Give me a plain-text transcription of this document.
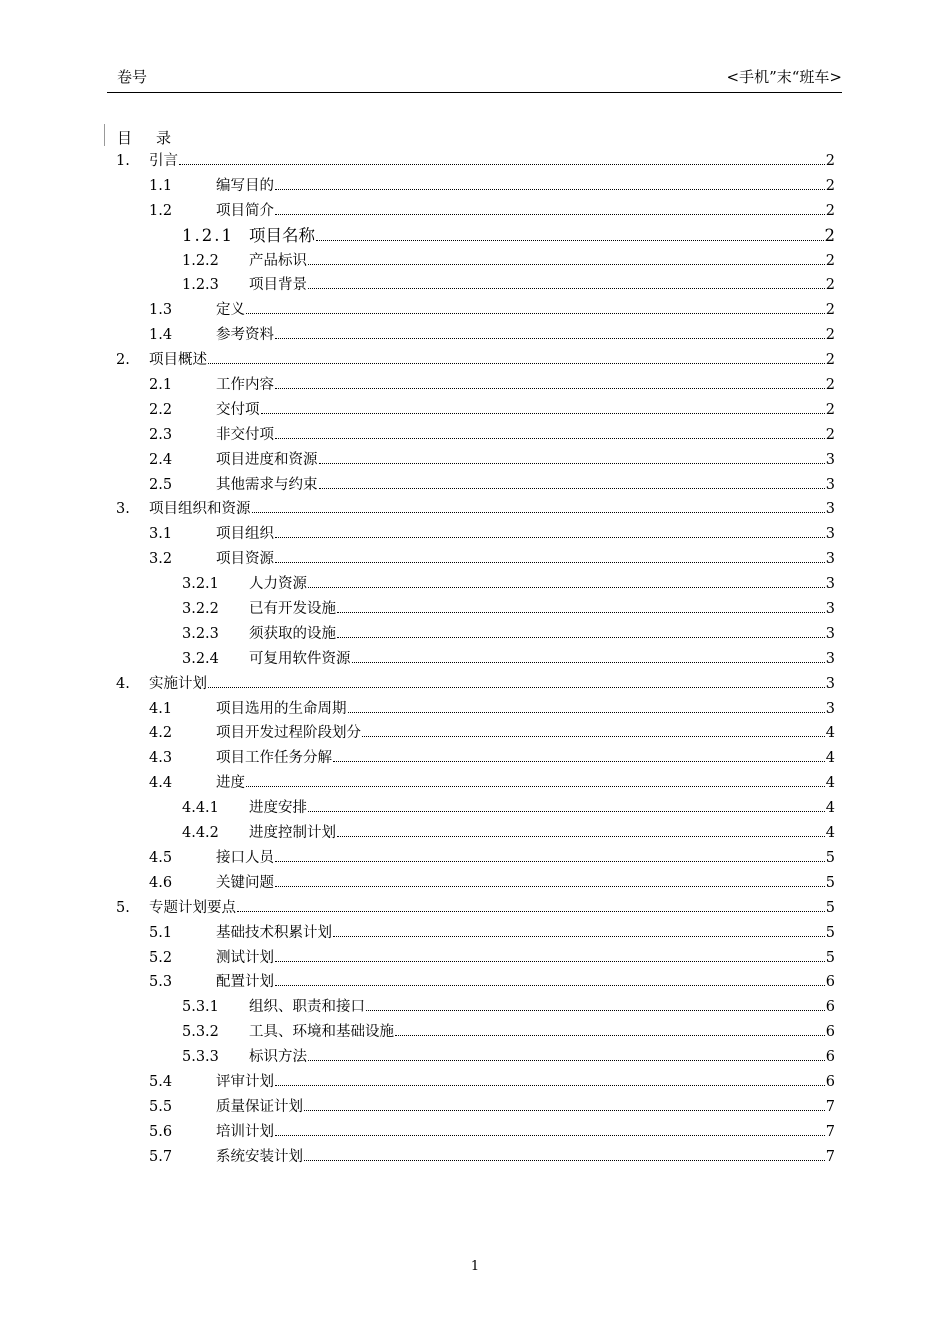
卷号	<手机”末“班车>
目录
1. 引言	2
1.1	编写目的	2
1.2	项目简介	2
1.2.1 项目名称	2
1.2.2 产品标识	2
1.2.3 项目背景	2
1.3	定义	2
1.4	参考资料	2
2. 项目概述	2
2.1	工作内容	2
2.2	交付项	2
2.3	非交付项	2
2.4	项目进度和资源	3
2.5	其他需求与约束	3
3. 项目组织和资源	3
3.1	项目组织	3
3.2	项目资源	3
3.2.1 人力资源	3
3.2.2 已有开发设施	3
3.2.3 须获取的设施	3
3.2.4 可复用软件资源	3
4. 实施计划	3
4.1	项目选用的生命周期	3
4.2	项目开发过程阶段划分	4
4.3	项目工作任务分解	4
4.4	进度	4
4.4.1 进度安排	4
4.4.2 进度控制计划	4
4.5	接口人员	5
4.6	关键问题	5
5. 专题计划要点	5
5.1	基础技术积累计划	5
5.2	测试计划	5
5.3	配置计划	6
5.3.1 组织、职责和接口	6
5.3.2 工具、环境和基础设施	6
5.3.3 标识方法	6
5.4	评审计划	6
5.5	质量保证计划	7
5.6	培训计划	7
5.7	系统安装计划	7
1
